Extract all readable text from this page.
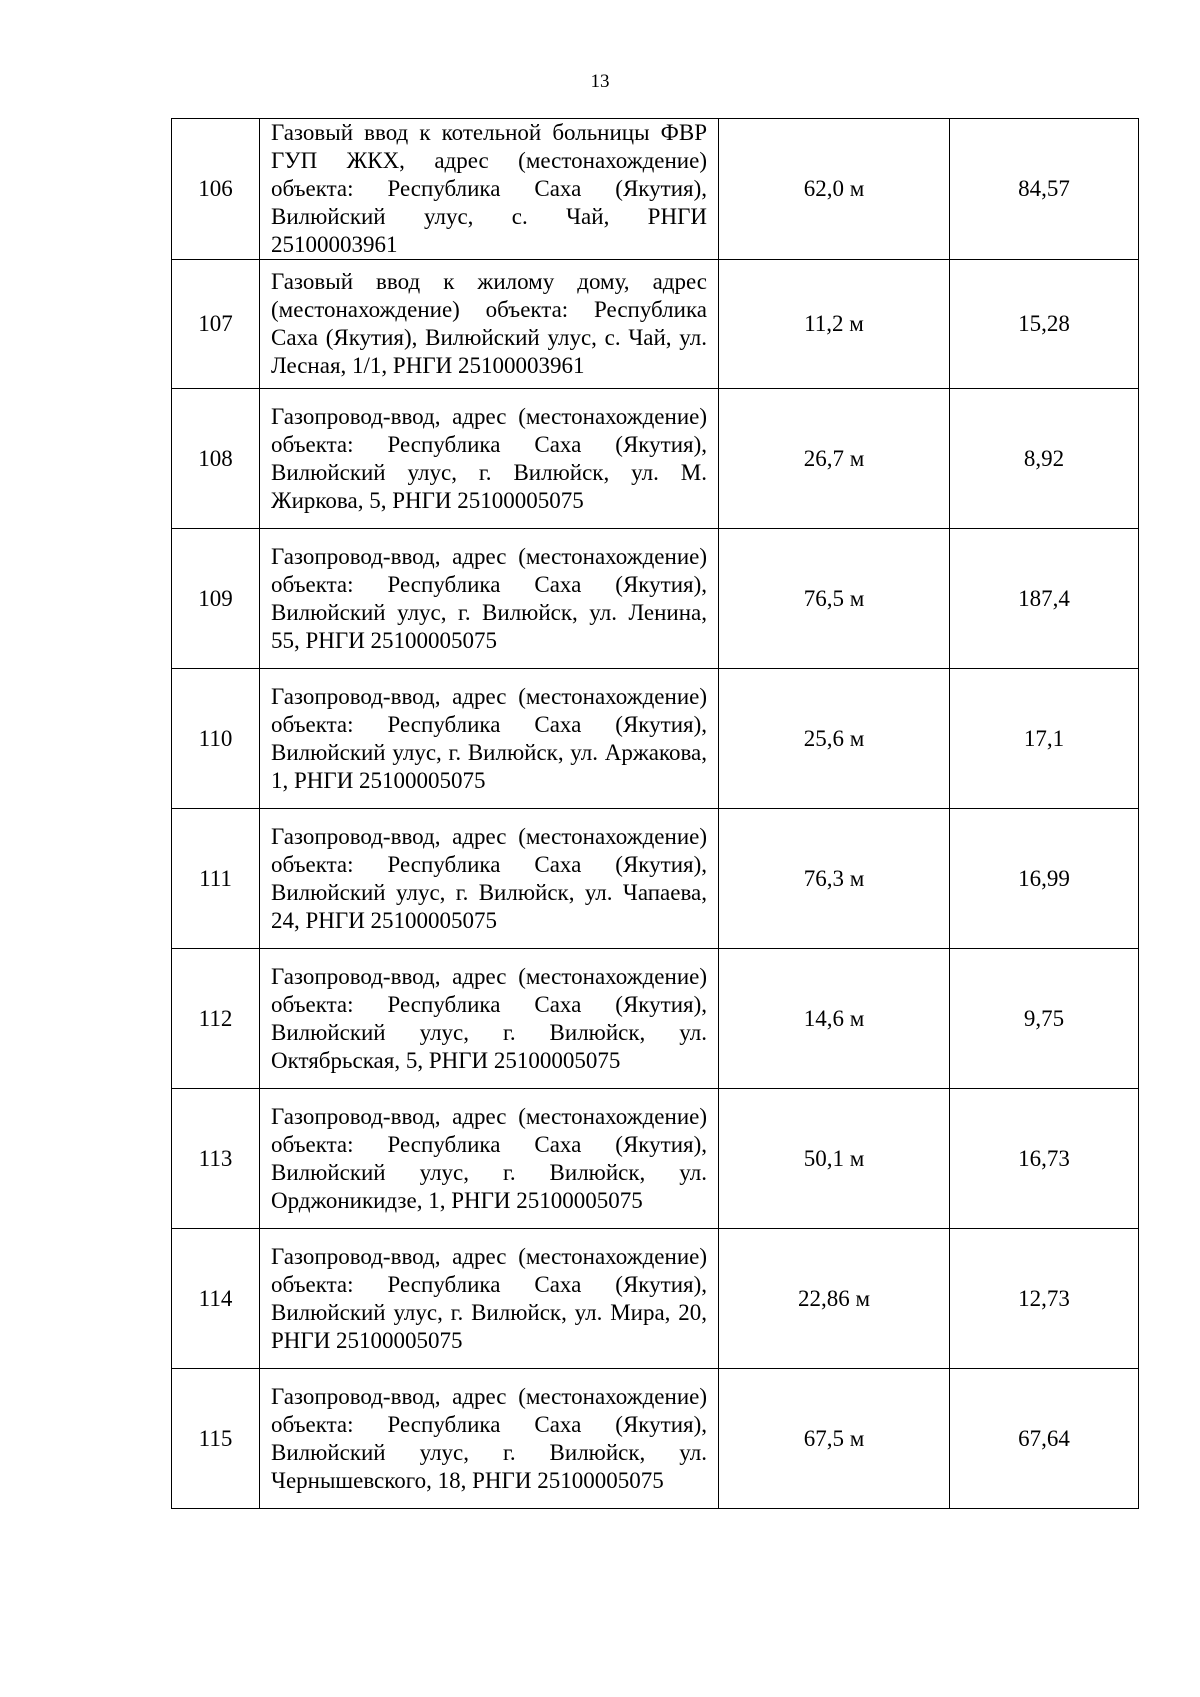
13
106	Газовый ввод к котельной больницы ФВР ГУП ЖКХ, адрес (местонахождение) объекта: Республика Саха (Якутия), Вилюйский улус, с. Чай, РНГИ 25100003961	62,0 м	84,57
107	Газовый ввод к жилому дому, адрес (местонахождение) объекта: Республика Саха (Якутия), Вилюйский улус, с. Чай, ул. Лесная, 1/1, РНГИ 25100003961	11,2 м	15,28
108	Газопровод-ввод, адрес (местонахождение) объекта: Республика Саха (Якутия), Вилюйский улус, г. Вилюйск, ул. М. Жиркова, 5, РНГИ 25100005075	26,7 м	8,92
109	Газопровод-ввод, адрес (местонахождение) объекта: Республика Саха (Якутия), Вилюйский улус, г. Вилюйск, ул. Ленина, 55, РНГИ 25100005075	76,5 м	187,4
110	Газопровод-ввод, адрес (местонахождение) объекта: Республика Саха (Якутия), Вилюйский улус, г. Вилюйск, ул. Аржакова, 1, РНГИ 25100005075	25,6 м	17,1
111	Газопровод-ввод, адрес (местонахождение) объекта: Республика Саха (Якутия), Вилюйский улус, г. Вилюйск, ул. Чапаева, 24, РНГИ 25100005075	76,3 м	16,99
112	Газопровод-ввод, адрес (местонахождение) объекта: Республика Саха (Якутия), Вилюйский улус, г. Вилюйск, ул. Октябрьская, 5, РНГИ 25100005075	14,6 м	9,75
113	Газопровод-ввод, адрес (местонахождение) объекта: Республика Саха (Якутия), Вилюйский улус, г. Вилюйск, ул. Орджоникидзе, 1, РНГИ 25100005075	50,1 м	16,73
114	Газопровод-ввод, адрес (местонахождение) объекта: Республика Саха (Якутия), Вилюйский улус, г. Вилюйск, ул. Мира, 20, РНГИ 25100005075	22,86 м	12,73
115	Газопровод-ввод, адрес (местонахождение) объекта: Республика Саха (Якутия), Вилюйский улус, г. Вилюйск, ул. Чернышевского, 18, РНГИ 25100005075	67,5 м	67,64
